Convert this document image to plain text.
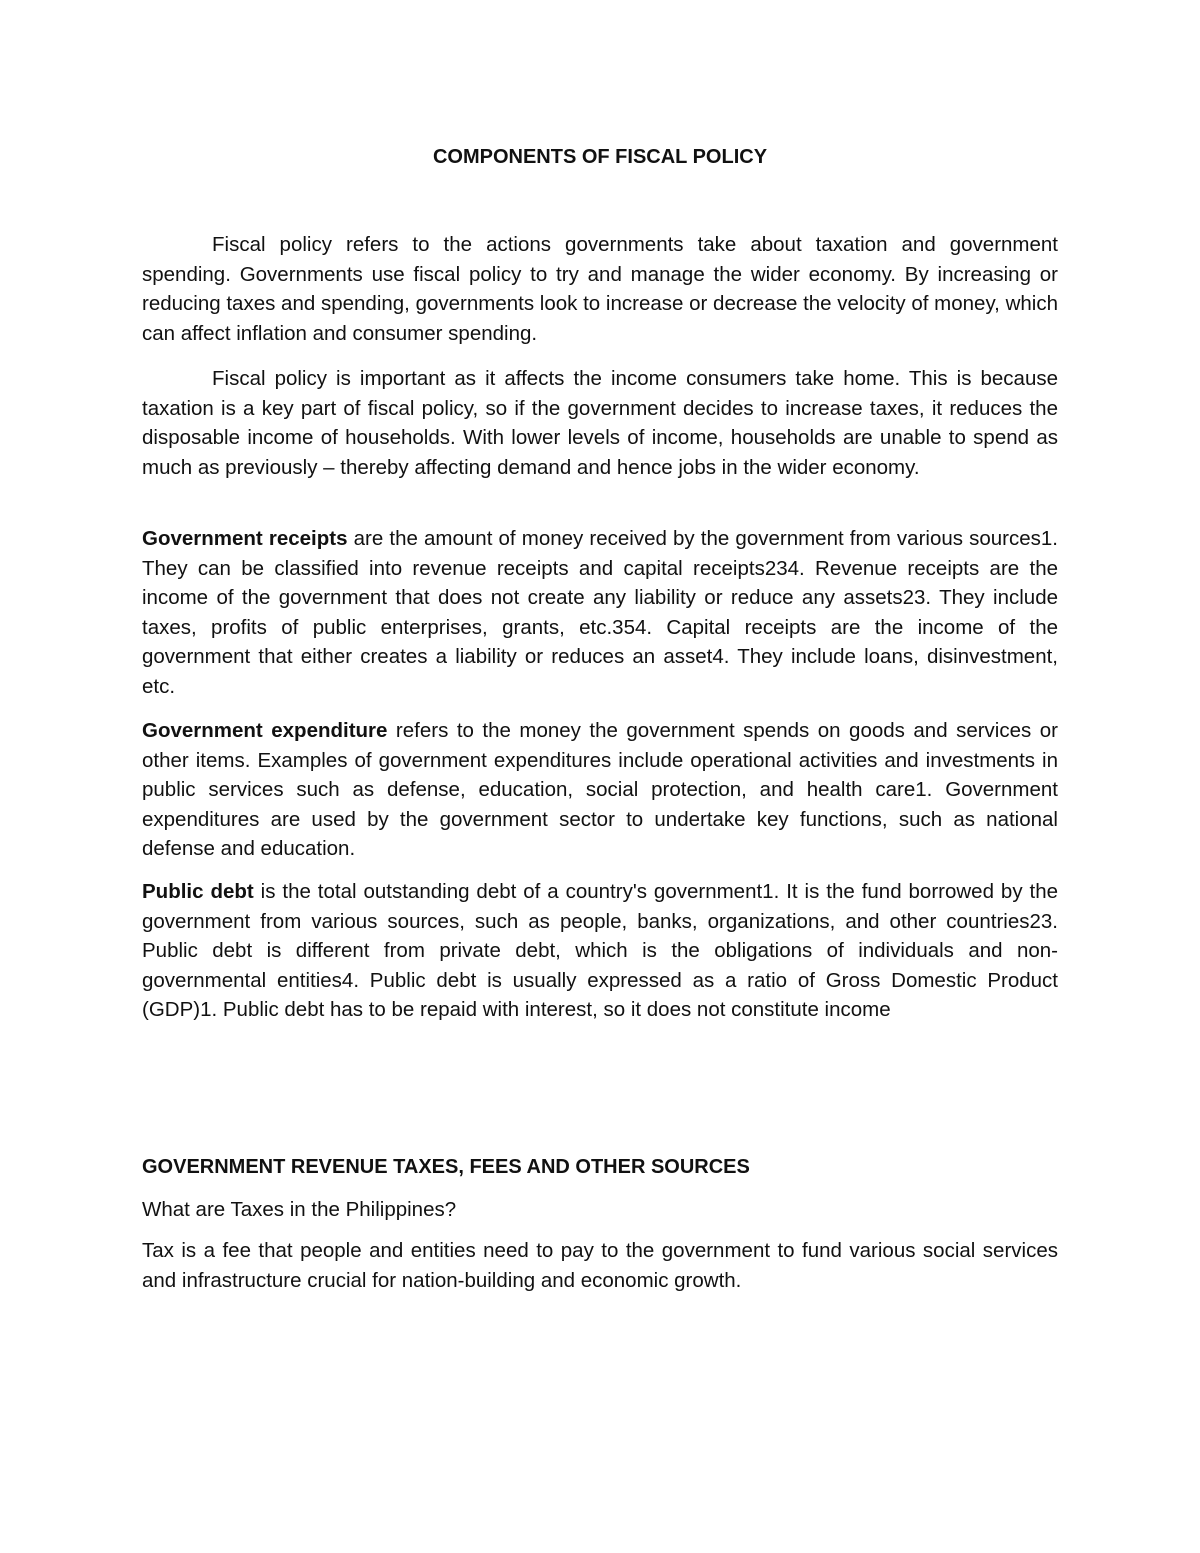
COMPONENTS OF FISCAL POLICY

Fiscal policy refers to the actions governments take about taxation and government spending. Governments use fiscal policy to try and manage the wider economy. By increasing or reducing taxes and spending, governments look to increase or decrease the velocity of money, which can affect inflation and consumer spending.

Fiscal policy is important as it affects the income consumers take home. This is because taxation is a key part of fiscal policy, so if the government decides to increase taxes, it reduces the disposable income of households. With lower levels of income, households are unable to spend as much as previously – thereby affecting demand and hence jobs in the wider economy.

Government receipts are the amount of money received by the government from various sources1. They can be classified into revenue receipts and capital receipts234. Revenue receipts are the income of the government that does not create any liability or reduce any assets23. They include taxes, profits of public enterprises, grants, etc.354. Capital receipts are the income of the government that either creates a liability or reduces an asset4. They include loans, disinvestment, etc.

Government expenditure refers to the money the government spends on goods and services or other items. Examples of government expenditures include operational activities and investments in public services such as defense, education, social protection, and health care1. Government expenditures are used by the government sector to undertake key functions, such as national defense and education.

Public debt is the total outstanding debt of a country's government1. It is the fund borrowed by the government from various sources, such as people, banks, organizations, and other countries23. Public debt is different from private debt, which is the obligations of individuals and non-governmental entities4. Public debt is usually expressed as a ratio of Gross Domestic Product (GDP)1. Public debt has to be repaid with interest, so it does not constitute income

GOVERNMENT REVENUE TAXES, FEES AND OTHER SOURCES

What are Taxes in the Philippines?

Tax is a fee that people and entities need to pay to the government to fund various social services and infrastructure crucial for nation-building and economic growth.
